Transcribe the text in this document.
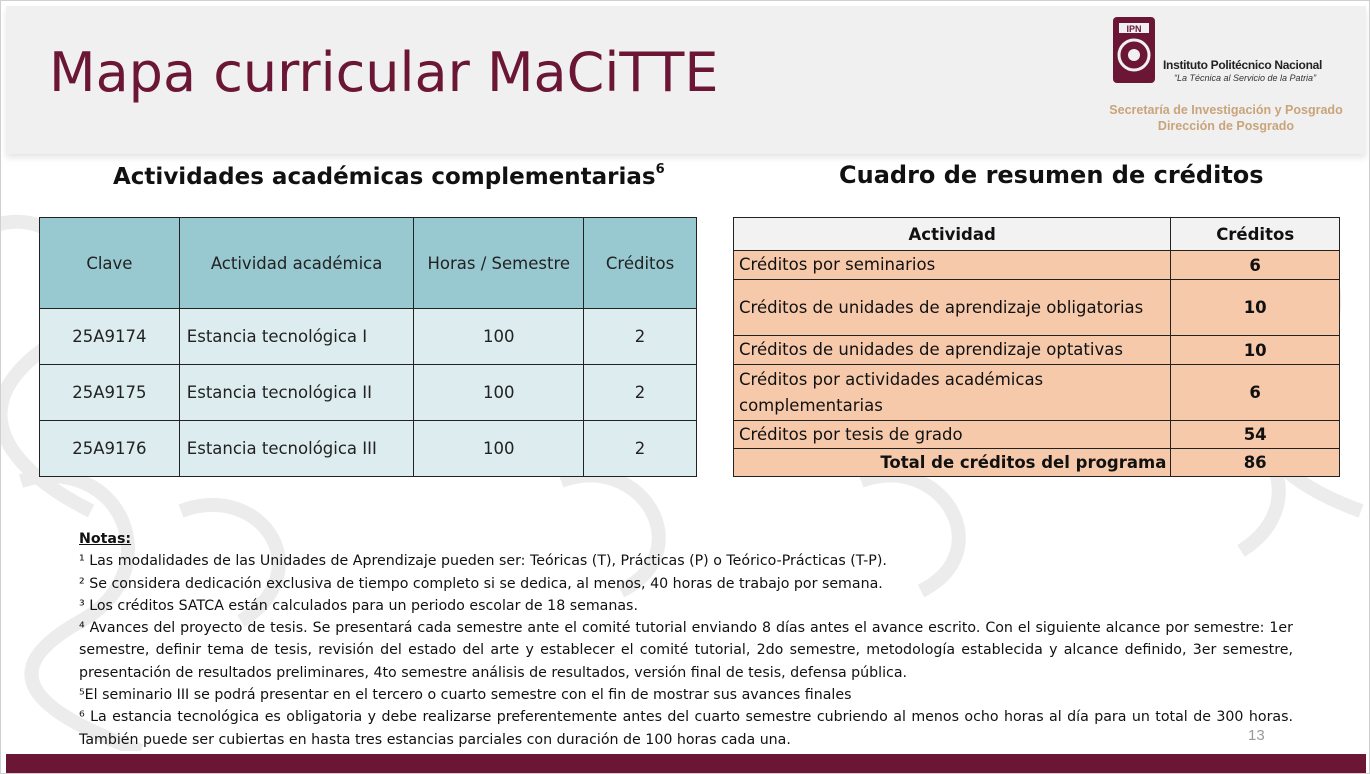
Mapa curricular MaCiTTE
IPN
Instituto Politécnico Nacional
“La Técnica al Servicio de la Patria”
Secretaría de Investigación y Posgrado
Dirección de Posgrado
Actividades académicas complementarias$^6$
Clave	Actividad académica	Horas / Semestre	Créditos
25A9174	Estancia tecnológica I	100	2
25A9175	Estancia tecnológica II	100	2
25A9176	Estancia tecnológica III	100	2
Cuadro de resumen de créditos
Actividad	Créditos
Créditos por seminarios	6
Créditos de unidades de aprendizaje obligatorias	10
Créditos de unidades de aprendizaje optativas	10
Créditos por actividades académicas complementarias	6
Créditos por tesis de grado	54
Total de créditos del programa	86

Notas:

¹ Las modalidades de las Unidades de Aprendizaje pueden ser: Teóricas (T), Prácticas (P) o Teórico-Prácticas (T-P).

² Se considera dedicación exclusiva de tiempo completo si se dedica, al menos, 40 horas de trabajo por semana.

³ Los créditos SATCA están calculados para un periodo escolar de 18 semanas.

⁴ Avances del proyecto de tesis. Se presentará cada semestre ante el comité tutorial enviando 8 días antes el avance escrito. Con el siguiente alcance por semestre: 1er semestre, definir tema de tesis, revisión del estado del arte y establecer el comité tutorial, 2do semestre, metodología establecida y alcance definido, 3er semestre, presentación de resultados preliminares, 4to semestre análisis de resultados, versión final de tesis, defensa pública.

⁵El seminario III se podrá presentar en el tercero o cuarto semestre con el fin de mostrar sus avances finales

⁶ La estancia tecnológica es obligatoria y debe realizarse preferentemente antes del cuarto semestre cubriendo al menos ocho horas al día para un total de 300 horas. También puede ser cubiertas en hasta tres estancias parciales con duración de 100 horas cada una.	13
